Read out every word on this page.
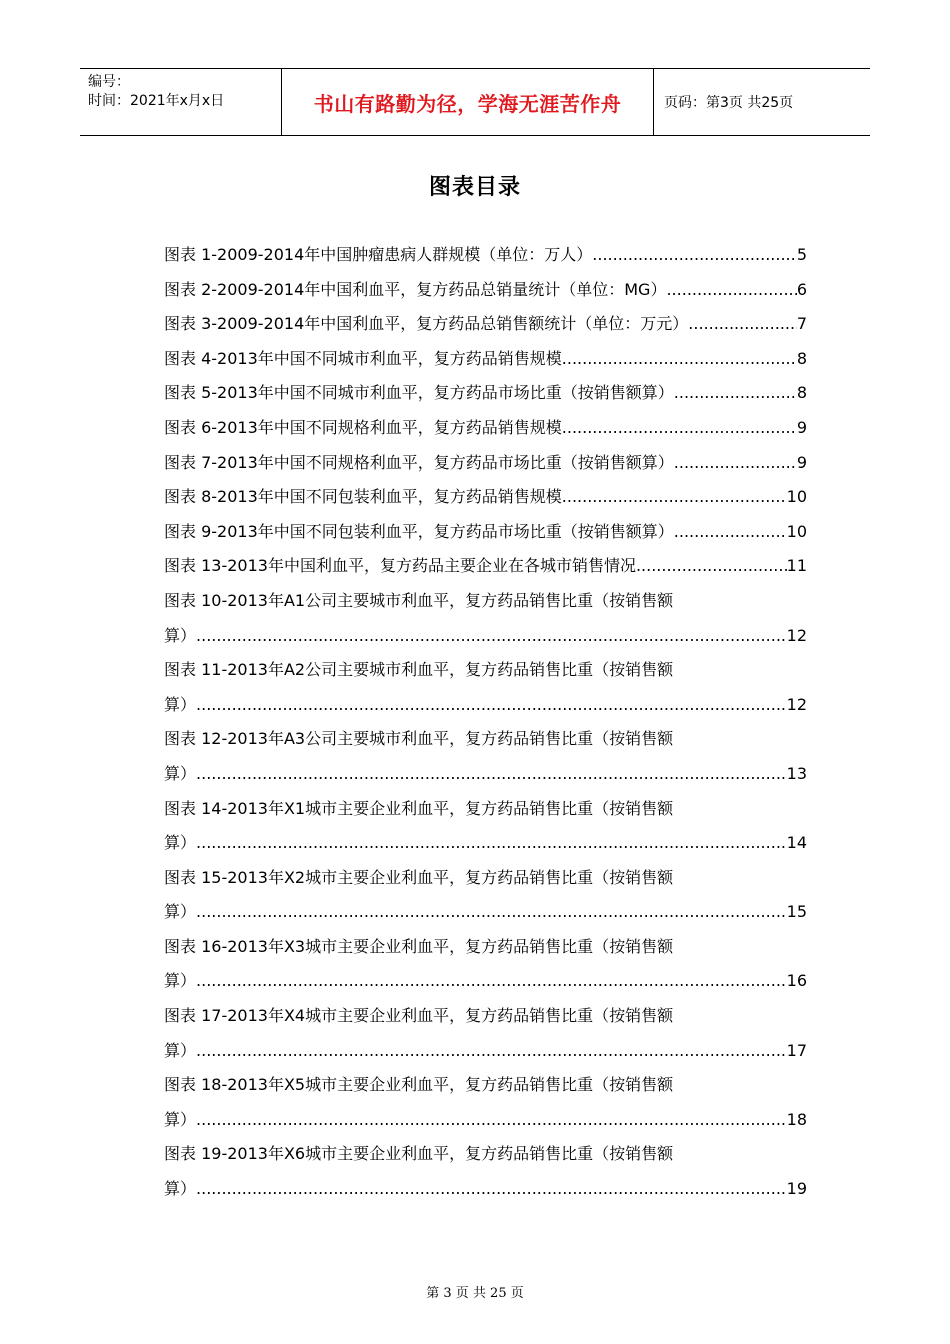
编号：
时间：2021年x月x日	书山有路勤为径，学海无涯苦作舟	页码：第3页 共25页
图表目录
图表 1-2009-2014年中国肿瘤患病人群规模（单位：万人） .....	5
图表 2-2009-2014年中国利血平，复方药品总销量统计（单位：MG） .....	6
图表 3-2009-2014年中国利血平，复方药品总销售额统计（单位：万元） .....	7
图表 4-2013年中国不同城市利血平，复方药品销售规模 .....	8
图表 5-2013年中国不同城市利血平，复方药品市场比重（按销售额算） .....	8
图表 6-2013年中国不同规格利血平，复方药品销售规模 .....	9
图表 7-2013年中国不同规格利血平，复方药品市场比重（按销售额算） .....	9
图表 8-2013年中国不同包装利血平，复方药品销售规模 .....	10
图表 9-2013年中国不同包装利血平，复方药品市场比重（按销售额算） .....	10
图表 13-2013年中国利血平，复方药品主要企业在各城市销售情况 .....	11
图表 10-2013年A1公司主要城市利血平，复方药品销售比重（按销售额
算） .....	12
图表 11-2013年A2公司主要城市利血平，复方药品销售比重（按销售额
算） .....	12
图表 12-2013年A3公司主要城市利血平，复方药品销售比重（按销售额
算） .....	13
图表 14-2013年X1城市主要企业利血平，复方药品销售比重（按销售额
算） .....	14
图表 15-2013年X2城市主要企业利血平，复方药品销售比重（按销售额
算） .....	15
图表 16-2013年X3城市主要企业利血平，复方药品销售比重（按销售额
算） .....	16
图表 17-2013年X4城市主要企业利血平，复方药品销售比重（按销售额
算） .....	17
图表 18-2013年X5城市主要企业利血平，复方药品销售比重（按销售额
算） .....	18
图表 19-2013年X6城市主要企业利血平，复方药品销售比重（按销售额
算） .....	19
第 3 页 共 25 页
